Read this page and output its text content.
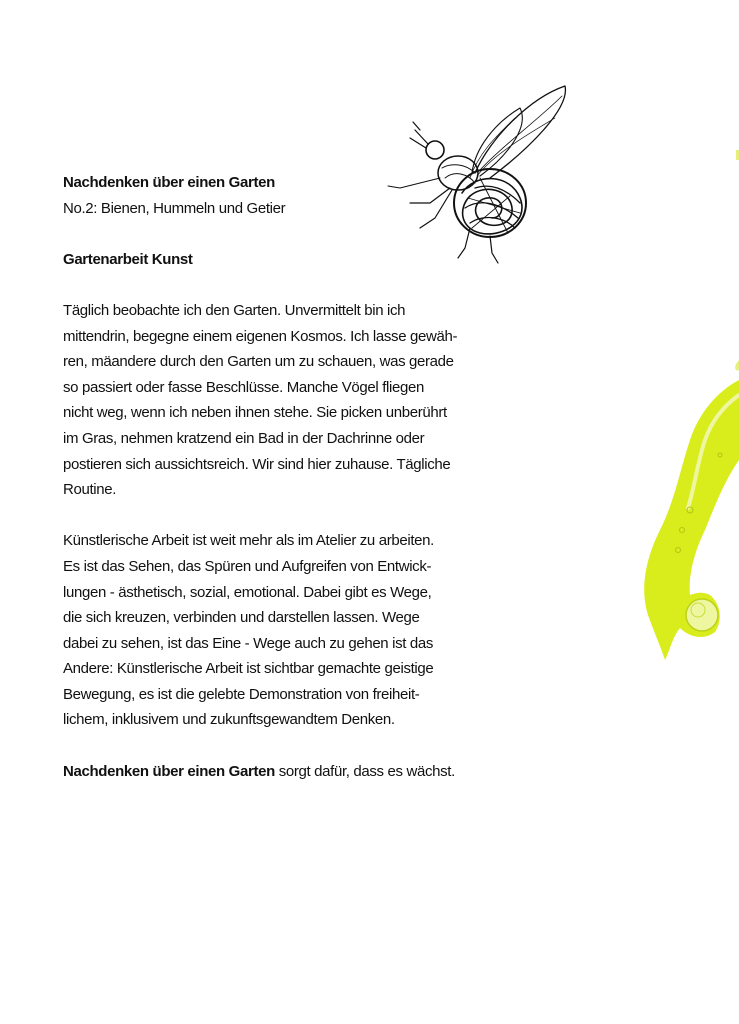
Nachdenken über einen Garten

No.2: Bienen, Hummeln und Getier

Gartenarbeit Kunst

Täglich beobachte ich den Garten. Unvermittelt bin ich
mittendrin, begegne einem eigenen Kosmos. Ich lasse gewäh-
ren, mäandere durch den Garten um zu schauen, was gerade
so passiert oder fasse Beschlüsse. Manche Vögel fliegen
nicht weg, wenn ich neben ihnen stehe. Sie picken unberührt
im Gras, nehmen kratzend ein Bad in der Dachrinne oder
postieren sich aussichtsreich. Wir sind hier zuhause. Tägliche
Routine.
Künstlerische Arbeit ist weit mehr als im Atelier zu arbeiten.
Es ist das Sehen, das Spüren und Aufgreifen von Entwick-
lungen - ästhetisch, sozial, emotional. Dabei gibt es Wege,
die sich kreuzen, verbinden und darstellen lassen. Wege
dabei zu sehen, ist das Eine - Wege auch zu gehen ist das
Andere: Künstlerische Arbeit ist sichtbar gemachte geistige
Bewegung, es ist die gelebte Demonstration von freiheit-
lichem, inklusivem und zukunftsgewandtem Denken.

Nachdenken über einen Garten sorgt dafür, dass es wächst.
